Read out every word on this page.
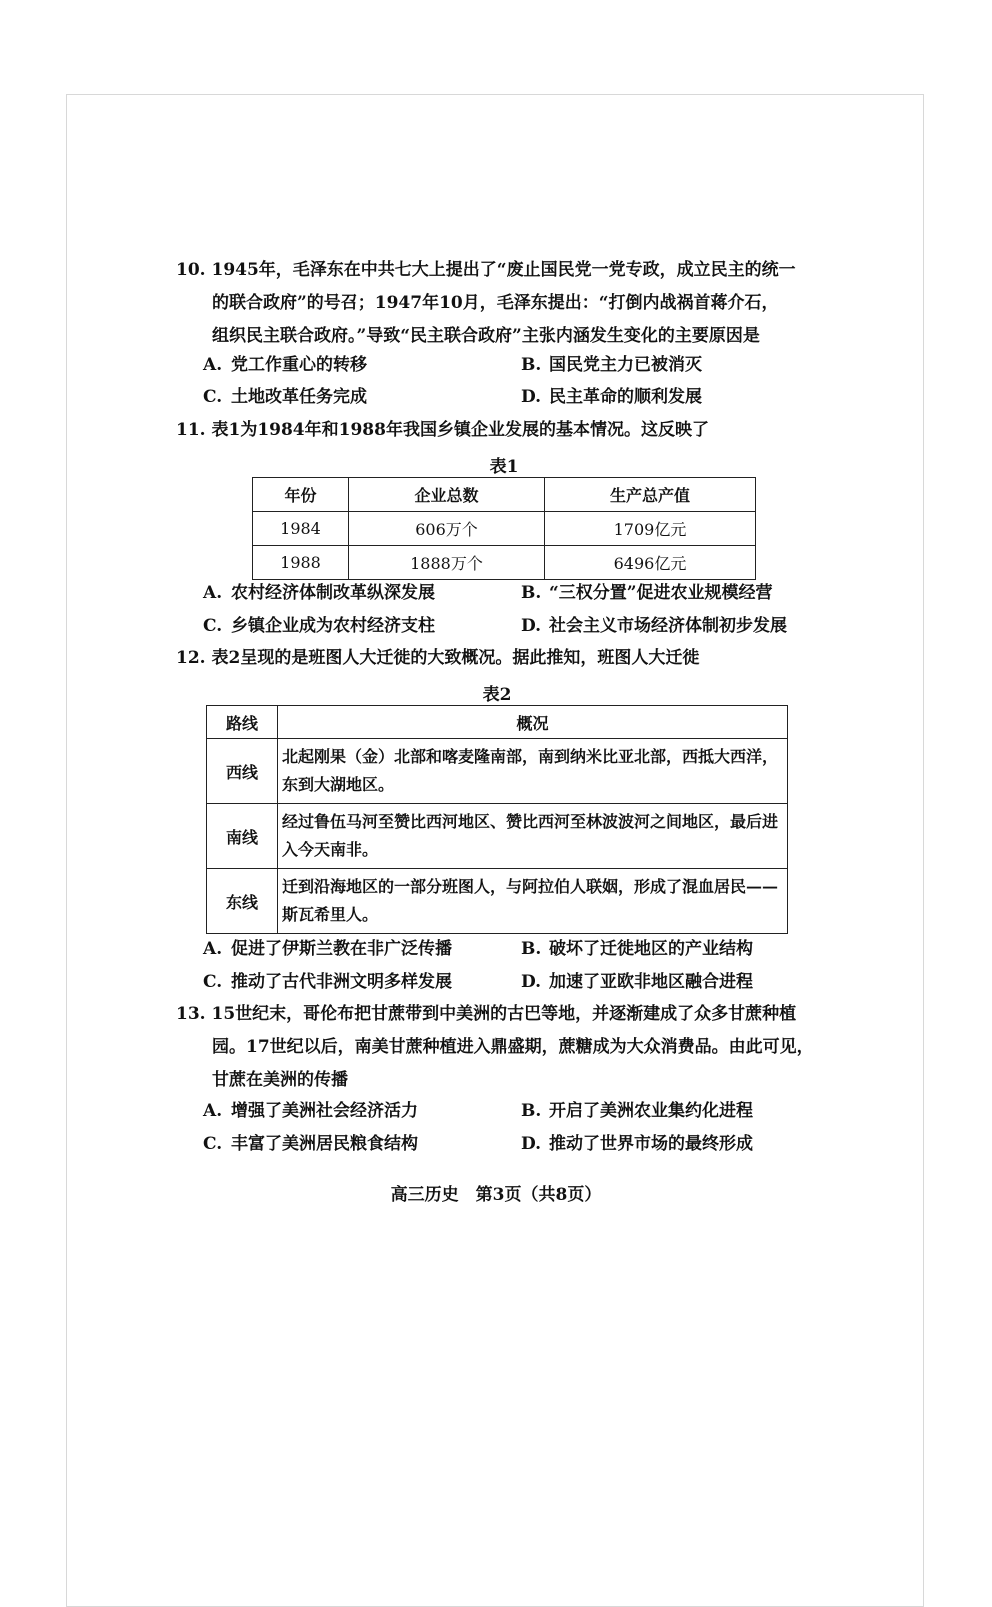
10. 1945年，毛泽东在中共七大上提出了“废止国民党一党专政，成立民主的统一
的联合政府”的号召；1947年10月，毛泽东提出：“打倒内战祸首蒋介石，
组织民主联合政府。”导致“民主联合政府”主张内涵发生变化的主要原因是
A. 党工作重心的转移	B. 国民党主力已被消灭
C. 土地改革任务完成	D. 民主革命的顺利发展
11. 表1为1984年和1988年我国乡镇企业发展的基本情况。这反映了
表1
年份	企业总数	生产总产值
1984	606万个	1709亿元
1988	1888万个	6496亿元
A. 农村经济体制改革纵深发展	B. “三权分置”促进农业规模经营
C. 乡镇企业成为农村经济支柱	D. 社会主义市场经济体制初步发展
12. 表2呈现的是班图人大迁徙的大致概况。据此推知，班图人大迁徙
表2
路线	概况
西线	北起刚果（金）北部和喀麦隆南部，南到纳米比亚北部，西抵大西洋，东到大湖地区。
南线	经过鲁伍马河至赞比西河地区、赞比西河至林波波河之间地区，最后进入今天南非。
东线	迁到沿海地区的一部分班图人，与阿拉伯人联姻，形成了混血居民——斯瓦希里人。
A. 促进了伊斯兰教在非广泛传播	B. 破坏了迁徙地区的产业结构
C. 推动了古代非洲文明多样发展	D. 加速了亚欧非地区融合进程
13. 15世纪末，哥伦布把甘蔗带到中美洲的古巴等地，并逐渐建成了众多甘蔗种植
园。17世纪以后，南美甘蔗种植进入鼎盛期，蔗糖成为大众消费品。由此可见，
甘蔗在美洲的传播
A. 增强了美洲社会经济活力	B. 开启了美洲农业集约化进程
C. 丰富了美洲居民粮食结构	D. 推动了世界市场的最终形成
高三历史　第3页（共8页）
